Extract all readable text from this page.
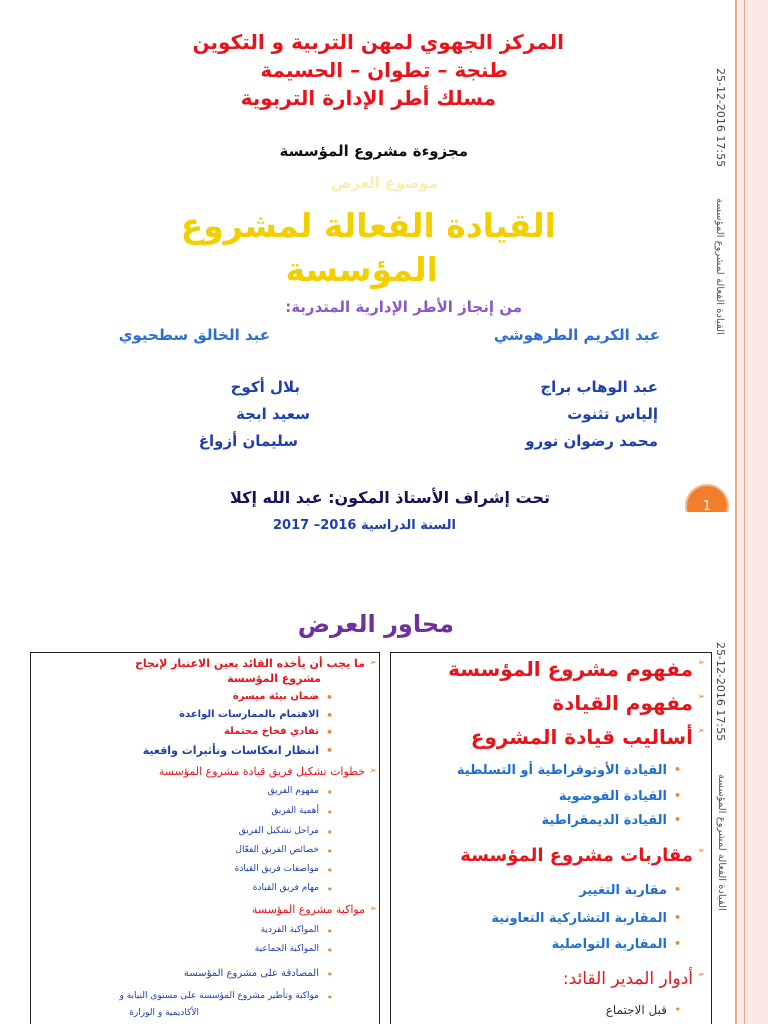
25-12-2016 17:55
القيادة الفعالة لمشروع المؤسسة
المركز الجهوي لمهن التربية و التكوين
طنجة – تطوان – الحسيمة
مسلك أطر الإدارة التربوية
مجزوءة مشروع المؤسسة
موضوع العرض
القيادة الفعالة لمشروع
المؤسسة
من إنجاز الأطر الإدارية المتدربة:
عبد الكريم الطرهوشي
عبد الخالق سطحيوي
عبد الوهاب براج
إلياس تثنوت
محمد رضوان نورو
بلال أكوح
سعيد ابجة
سليمان أزواغ
تحت إشراف الأستاذ المكون: عبد الله إكلا	1
السنة الدراسية 2016– 2017
25-12-2016 17:55
القيادة الفعالة لمشروع المؤسسة
محاور العرض
➢ مفهوم مشروع المؤسسة
➢ مفهوم القيادة
➢ أساليب قيادة المشروع
• القيادة الأوتوقراطية أو التسلطية
• القيادة الفوضوية
• القيادة الديمقراطية
➢ مقاربات مشروع المؤسسة
• مقاربة التغيير
• المقاربة التشاركية التعاونية
• المقاربة التواصلية
➢ أدوار المدير القائد:
• قبل الاجتماع
➢ ما يجب أن يأخذه القائد بعين الاعتبار لإنجاح
مشروع المؤسسة
• ضمان بيئة ميسرة
• الاهتمام بالممارسات الواعدة
• تفادي فخاخ محتملة
• انتظار انعكاسات وتأثيرات واقعية
➢ خطوات تشكيل فريق قيادة مشروع المؤسسة
• مفهوم الفريق
• أهمية الفريق
• مراحل تشكيل الفريق
• خصائص الفريق الفعّال
• مواصفات فريق القيادة
• مهام فريق القيادة
➢ مواكبة مشروع المؤسسة
• المواكبة الفردية
• المواكبة الجماعية
• المصادقة على مشروع المؤسسة
• مواكبة وتأطير مشروع المؤسسة على مستوى النيابة و
الأكاديمية و الوزارة
